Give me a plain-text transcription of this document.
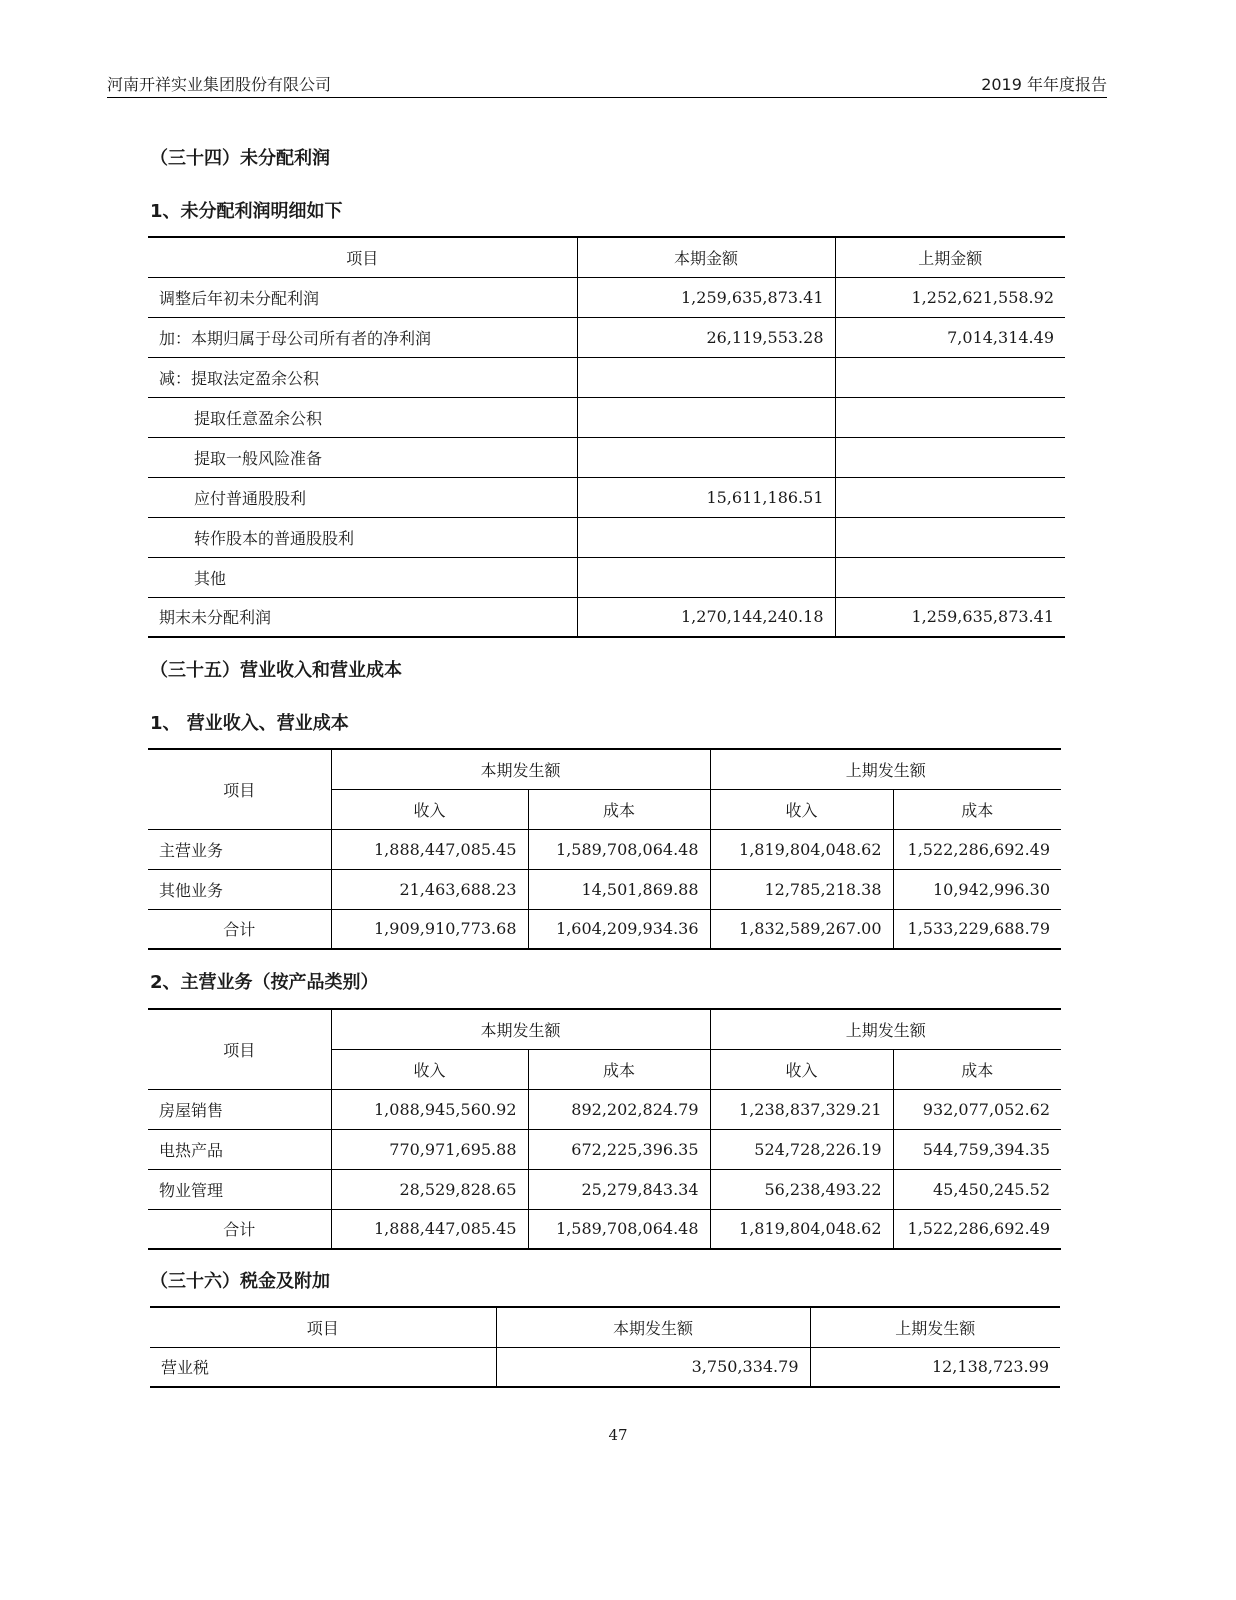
河南开祥实业集团股份有限公司	2019 年年度报告
（三十四）未分配利润
1、未分配利润明细如下
项目	本期金额	上期金额
调整后年初未分配利润	1,259,635,873.41	1,252,621,558.92
加：本期归属于母公司所有者的净利润	26,119,553.28	7,014,314.49
减：提取法定盈余公积		
提取任意盈余公积		
提取一般风险准备		
应付普通股股利	15,611,186.51	
转作股本的普通股股利		
其他		
期末未分配利润	1,270,144,240.18	1,259,635,873.41
（三十五）营业收入和营业成本
1、 营业收入、营业成本
项目	本期发生额		上期发生额	
	收入	成本	收入	成本
主营业务	1,888,447,085.45	1,589,708,064.48	1,819,804,048.62	1,522,286,692.49
其他业务	21,463,688.23	14,501,869.88	12,785,218.38	10,942,996.30
合计	1,909,910,773.68	1,604,209,934.36	1,832,589,267.00	1,533,229,688.79
2、主营业务（按产品类别）
项目	本期发生额		上期发生额	
	收入	成本	收入	成本
房屋销售	1,088,945,560.92	892,202,824.79	1,238,837,329.21	932,077,052.62
电热产品	770,971,695.88	672,225,396.35	524,728,226.19	544,759,394.35
物业管理	28,529,828.65	25,279,843.34	56,238,493.22	45,450,245.52
合计	1,888,447,085.45	1,589,708,064.48	1,819,804,048.62	1,522,286,692.49
（三十六）税金及附加
项目	本期发生额	上期发生额
营业税	3,750,334.79	12,138,723.99
47
